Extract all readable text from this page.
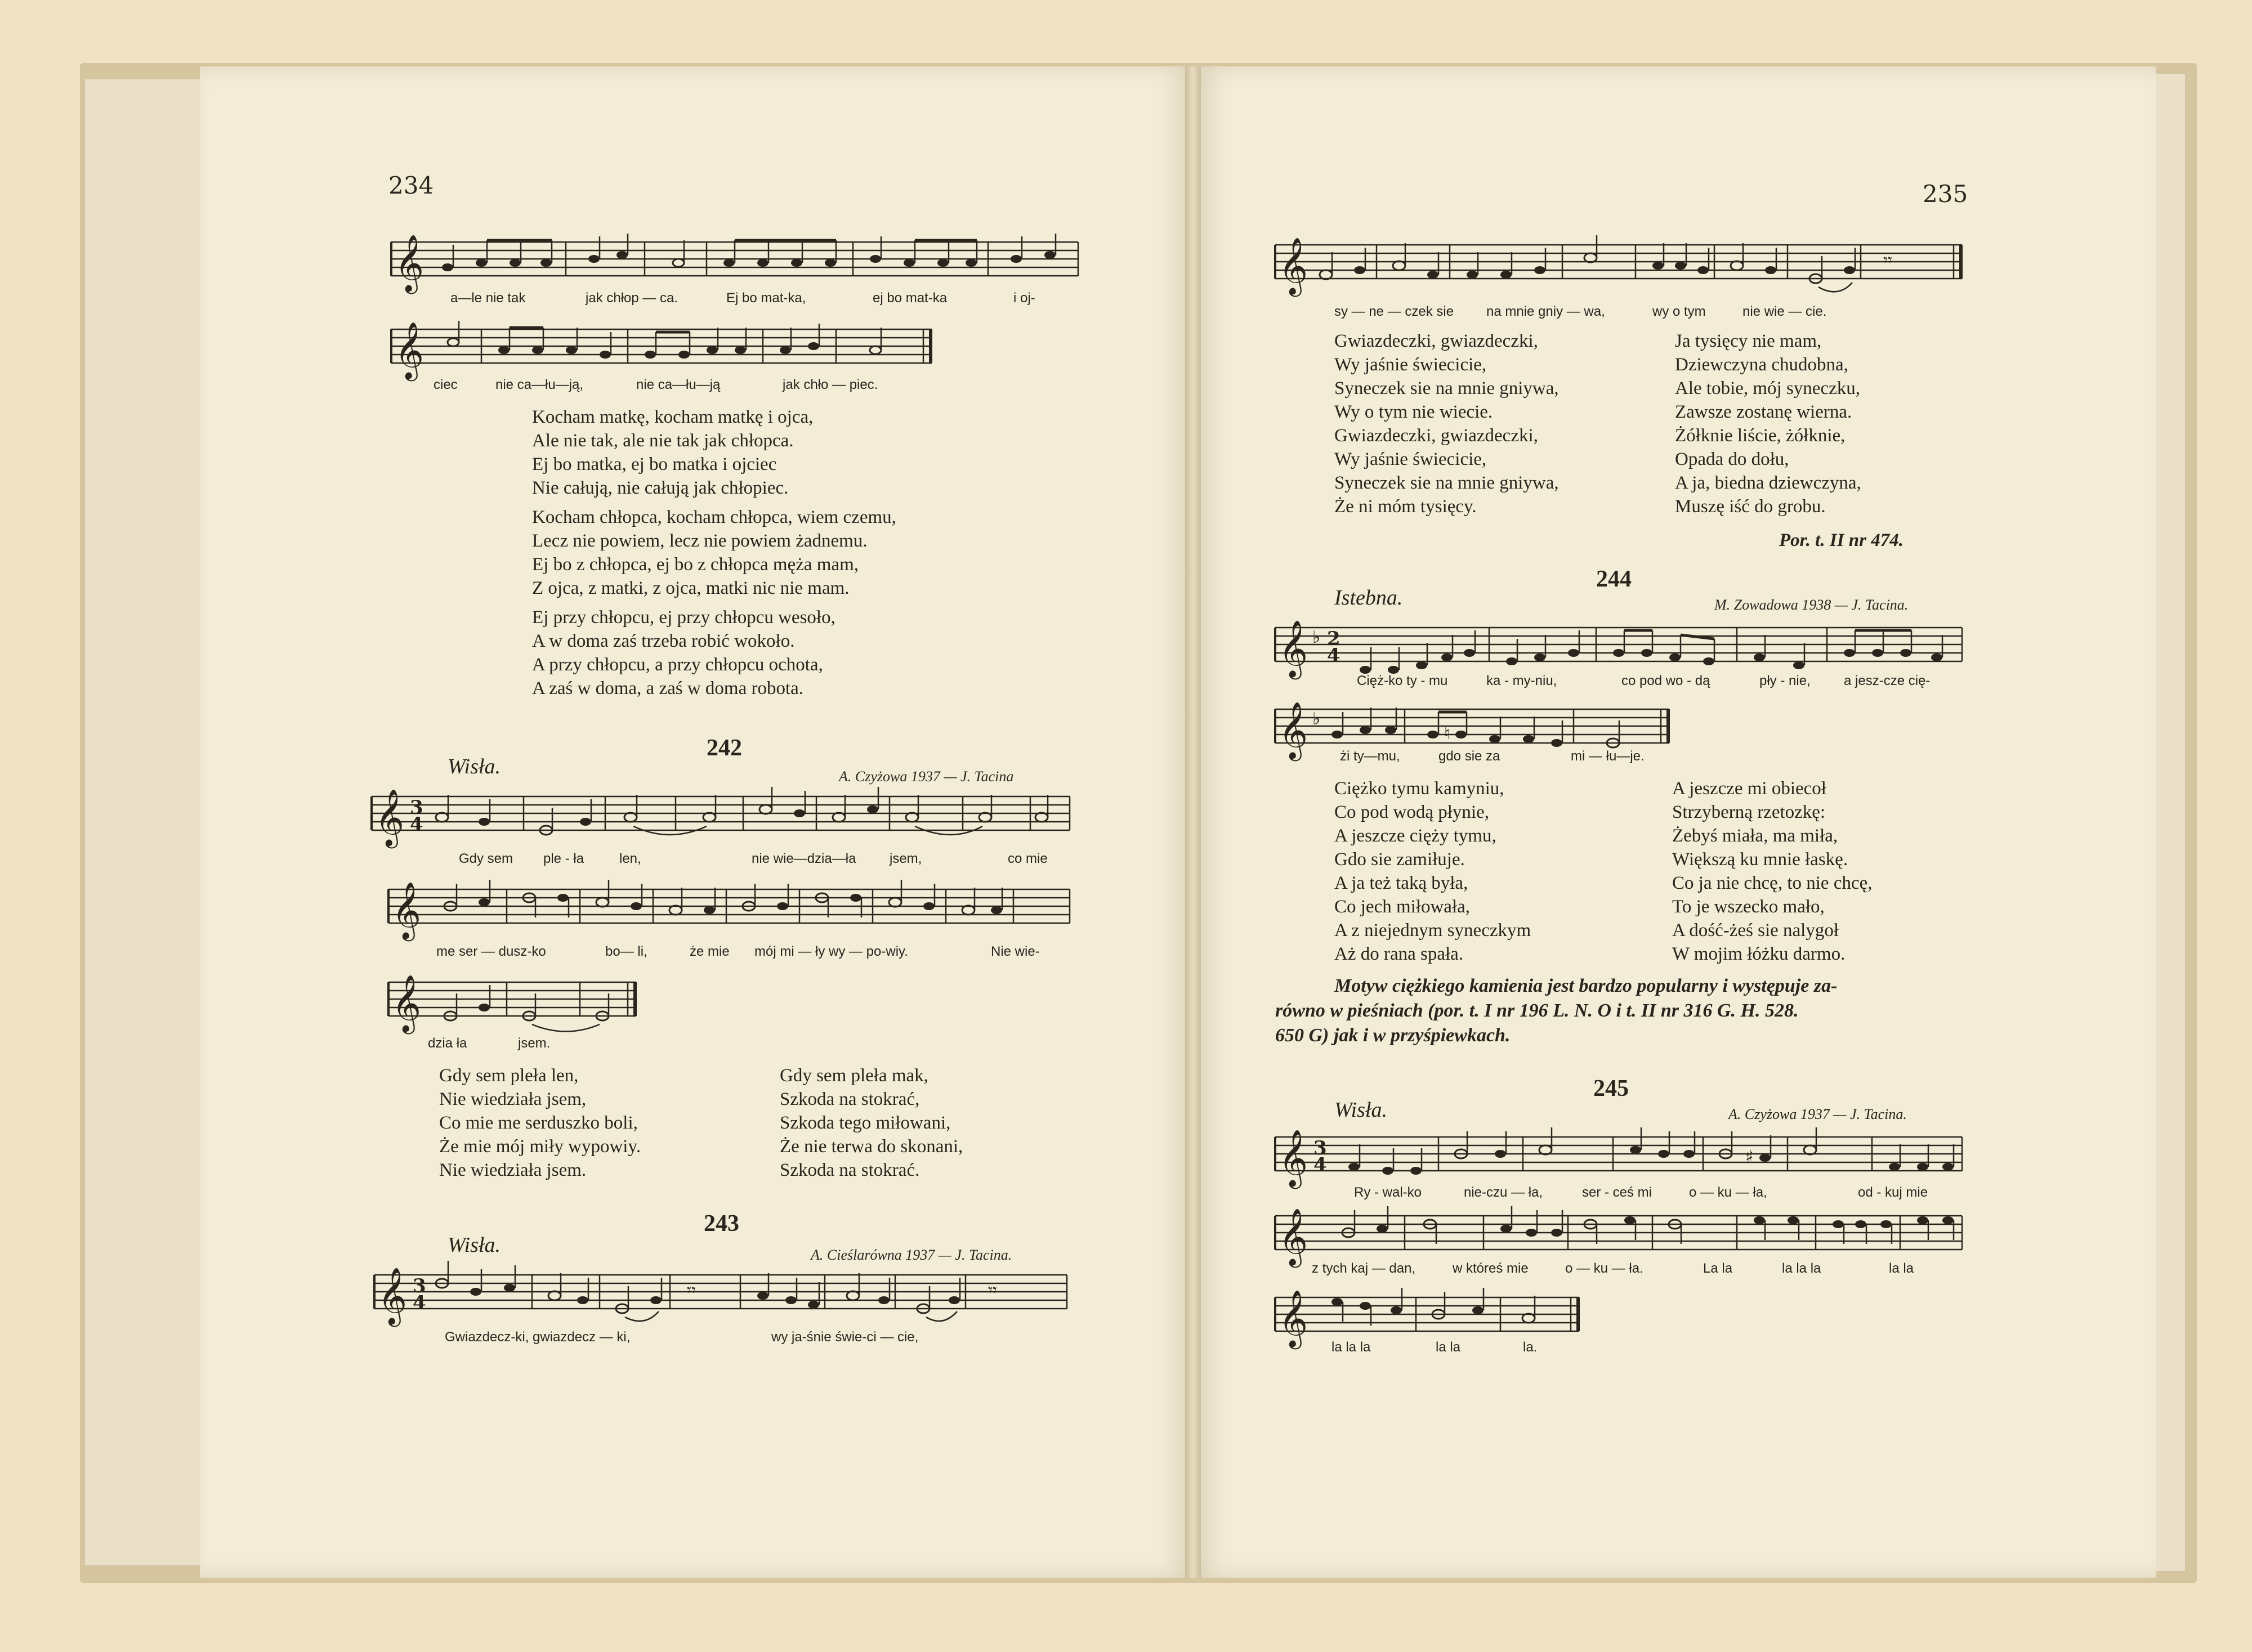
234
𝄞
a—le nie tak	jak chłop — ca.	Ej bo mat-ka,	ej bo mat-ka	i oj-
𝄞
ciec	nie ca—łu—ją,	nie ca—łu—ją	jak chło — piec.
Kocham matkę, kocham matkę i ojca,
Ale nie tak, ale nie tak jak chłopca.
Ej bo matka, ej bo matka i ojciec
Nie całują, nie całują jak chłopiec.
Kocham chłopca, kocham chłopca, wiem czemu,
Lecz nie powiem, lecz nie powiem żadnemu.
Ej bo z chłopca, ej bo z chłopca męża mam,
Z ojca, z matki, z ojca, matki nic nie mam.
Ej przy chłopcu, ej przy chłopcu wesoło,
A w doma zaś trzeba robić wokoło.
A przy chłopcu, a przy chłopcu ochota,
A zaś w doma, a zaś w doma robota.
242
Wisła.	A. Czyżowa 1937 — J. Tacina
𝄞 3
4
Gdy sem ple - ła	len,	nie wie—dzia—ła jsem,	co mie
𝄞
me ser — dusz-ko	bo— li,	że mie mój mi — ły wy — po-wiy.	Nie wie-
𝄞
dzia ła	jsem.
Gdy sem pleła len,
Nie wiedziała jsem,
Co mie me serduszko boli,
Że mie mój miły wypowiy.
Nie wiedziała jsem.
Gdy sem pleła mak,
Szkoda na stokrać,
Szkoda tego miłowani,
Że nie terwa do skonani,
Szkoda na stokrać.
243
Wisła.	A. Cieślarówna 1937 — J. Tacina.
𝄞 3
4
𝄾𝄾	𝄾𝄾
Gwiazdecz-ki, gwiazdecz — ki,	wy ja-śnie świe-ci — cie,
235
𝄞	𝄾𝄾
sy — ne — czek sie na mnie gniy — wa,	wy o tym	nie wie — cie.
Gwiazdeczki, gwiazdeczki,
Wy jaśnie świecicie,
Syneczek sie na mnie gniywa,
Wy o tym nie wiecie.
Gwiazdeczki, gwiazdeczki,
Wy jaśnie świecicie,
Syneczek sie na mnie gniywa,
Że ni móm tysięcy.
Ja tysięcy nie mam,
Dziewczyna chudobna,
Ale tobie, mój syneczku,
Zawsze zostanę wierna.
Żółknie liście, żółknie,
Opada do dołu,
A ja, biedna dziewczyna,
Muszę iść do grobu.
Por. t. II nr 474.
244
Istebna.	M. Zowadowa 1938 — J. Tacina.
𝄞 ♭ 2
4
Cięż-ko ty - mu	ka - my-niu,	co pod wo - dą	pły - nie, a jesz-cze cię-
𝄞 ♭
♮
żi ty—mu,	gdo sie za	mi — łu—je.
Ciężko tymu kamyniu,
Co pod wodą płynie,
A jeszcze cięży tymu,
Gdo sie zamiłuje.
A ja też taką była,
Co jech miłowała,
A z niejednym syneczkym
Aż do rana spała.
A jeszcze mi obiecoł
Strzyberną rzetozkę:
Żebyś miała, ma miła,
Większą ku mnie łaskę.
Co ja nie chcę, to nie chcę,
To je wszecko mało,
A dość-żeś sie nalygoł
W mojim łóżku darmo.
Motyw ciężkiego kamienia jest bardzo popularny i występuje za-
równo w pieśniach (por. t. I nr 196 L. N. O i t. II nr 316 G. H. 528.
650 G) jak i w przyśpiewkach.
245
Wisła.	A. Czyżowa 1937 — J. Tacina.
𝄞 3
4	♯
Ry - wal-ko	nie-czu — ła,	ser - ceś mi	o — ku — ła,	od - kuj mie
𝄞
z tych kaj — dan,	w któreś mie	o — ku — ła.	La la	la la la	la la
𝄞
la la la	la la	la.
